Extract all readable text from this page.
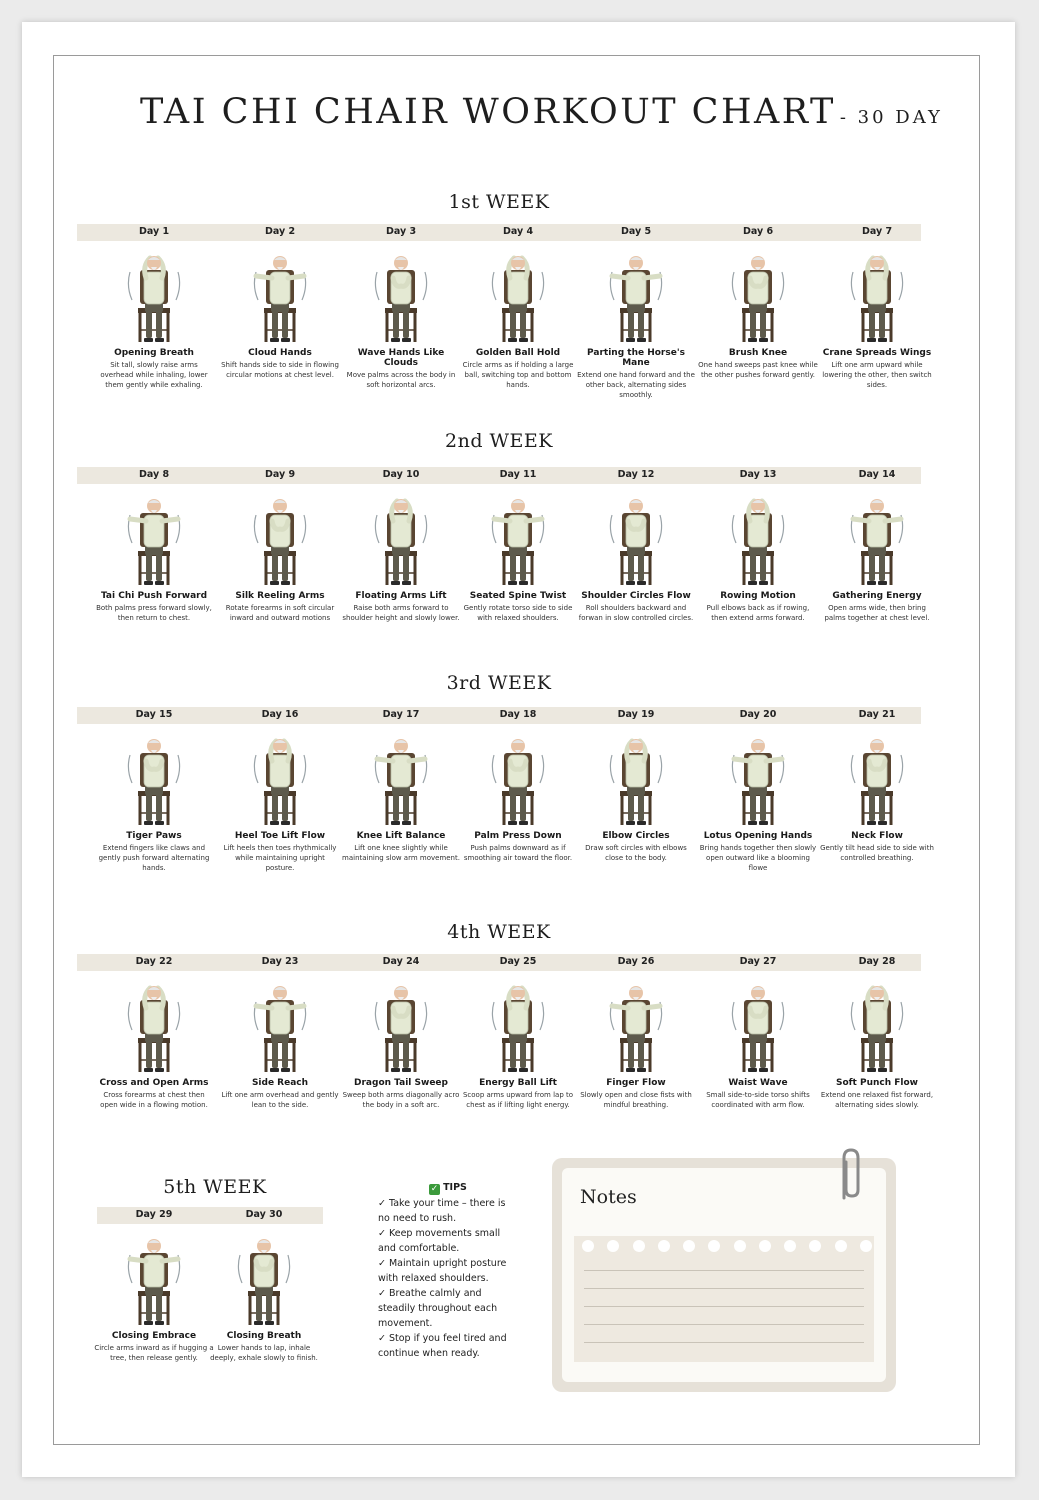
TAI CHI CHAIR WORKOUT CHART - 30 DAY
1st WEEK
Day 1	Day 2	Day 3	Day 4	Day 5	Day 6	Day 7
Opening Breath
Sit tall, slowly raise arms overhead while inhaling, lower them gently while exhaling.
Cloud Hands
Shift hands side to side in flowing circular motions at chest level.
Wave Hands Like Clouds
Move palms across the body in soft horizontal arcs.
Golden Ball Hold
Circle arms as if holding a large ball, switching top and bottom hands.
Parting the Horse's Mane
Extend one hand forward and the other back, alternating sides smoothly.
Brush Knee
One hand sweeps past knee while the other pushes forward gently.
Crane Spreads Wings
Lift one arm upward while lowering the other, then switch sides.
2nd WEEK
Day 8	Day 9	Day 10	Day 11	Day 12	Day 13	Day 14
Tai Chi Push Forward
Both palms press forward slowly, then return to chest.
Silk Reeling Arms
Rotate forearms in soft circular inward and outward motions
Floating Arms Lift
Raise both arms forward to shoulder height and slowly lower.
Seated Spine Twist
Gently rotate torso side to side with relaxed shoulders.
Shoulder Circles Flow
Roll shoulders backward and forwan in slow controlled circles.
Rowing Motion
Pull elbows back as if rowing, then extend arms forward.
Gathering Energy
Open arms wide, then bring palms together at chest level.
3rd WEEK
Day 15	Day 16	Day 17	Day 18	Day 19	Day 20	Day 21
Tiger Paws
Extend fingers like claws and gently push forward alternating hands.
Heel Toe Lift Flow
Lift heels then toes rhythmically while maintaining upright posture.
Knee Lift Balance
Lift one knee slightly while maintaining slow arm movement.
Palm Press Down
Push palms downward as if smoothing air toward the floor.
Elbow Circles
Draw soft circles with elbows close to the body.
Lotus Opening Hands
Bring hands together then slowly open outward like a blooming flowe
Neck Flow
Gently tilt head side to side with controlled breathing.
4th WEEK
Day 22	Day 23	Day 24	Day 25	Day 26	Day 27	Day 28
Cross and Open Arms
Cross forearms at chest then open wide in a flowing motion.
Side Reach
Lift one arm overhead and gently lean to the side.
Dragon Tail Sweep
Sweep both arms diagonally acro the body in a soft arc.
Energy Ball Lift
Scoop arms upward from lap to chest as if lifting light energy.
Finger Flow
Slowly open and close fists with mindful breathing.
Waist Wave
Small side-to-side torso shifts coordinated with arm flow.
Soft Punch Flow
Extend one relaxed fist forward, alternating sides slowly.
5th WEEK
Day 29	Day 30
Closing Embrace
Circle arms inward as if hugging a tree, then release gently.
Closing Breath
Lower hands to lap, inhale deeply, exhale slowly to finish.
✓ TIPS
✓ Take your time – there is no need to rush.
✓ Keep movements small and comfortable.
✓ Maintain upright posture with relaxed shoulders.
✓ Breathe calmly and steadily throughout each movement.
✓ Stop if you feel tired and continue when ready.
Notes
